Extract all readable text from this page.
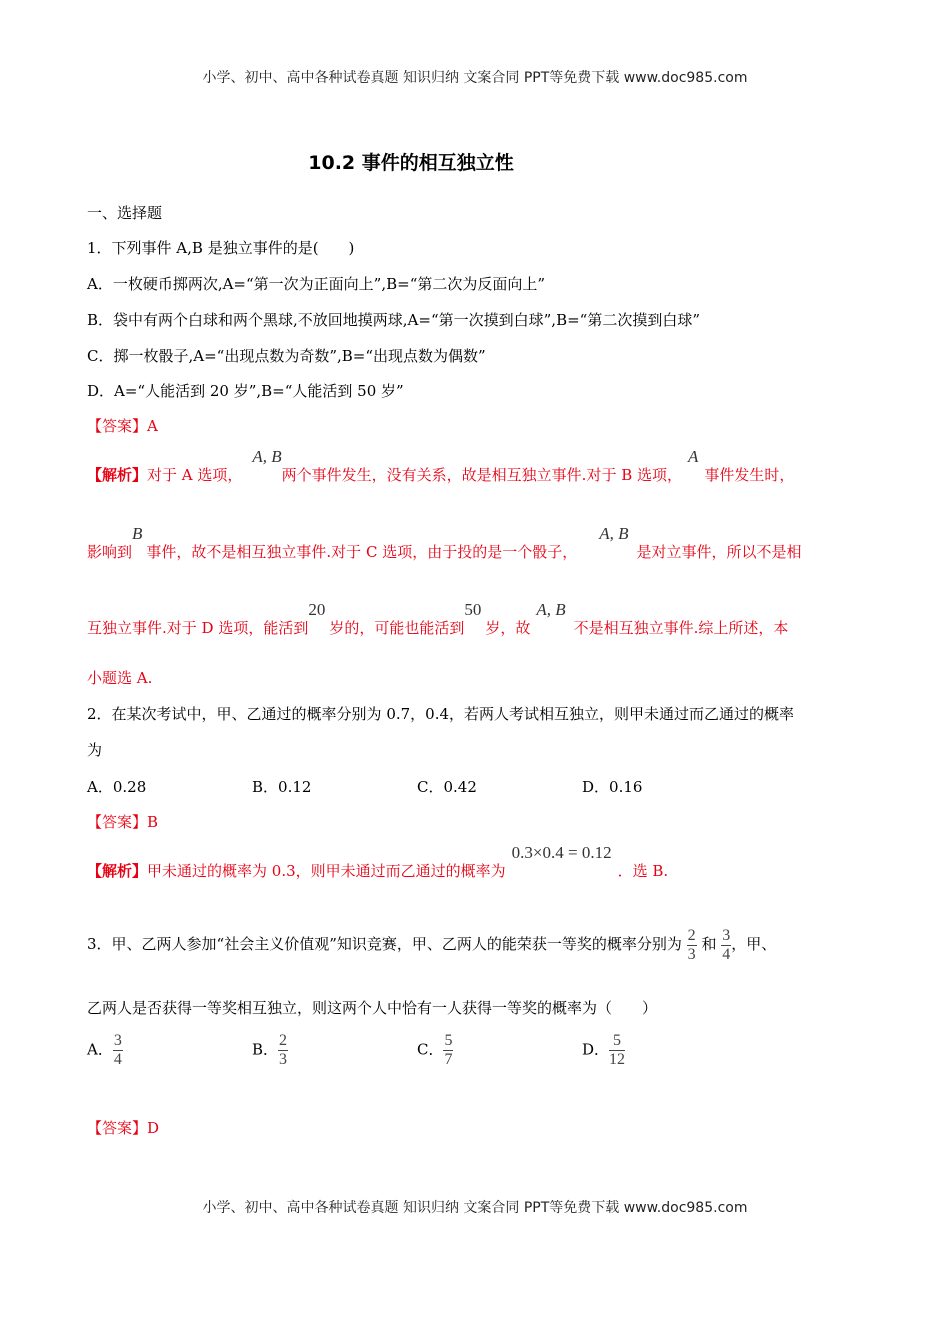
小学、初中、高中各种试卷真题 知识归纳 文案合同 PPT等免费下载 www.doc985.com
10.2 事件的相互独立性
一、选择题
1．下列事件 A,B 是独立事件的是(　　)
A．一枚硬币掷两次,A=“第一次为正面向上”,B=“第二次为反面向上”
B．袋中有两个白球和两个黑球,不放回地摸两球,A=“第一次摸到白球”,B=“第二次摸到白球”
C．掷一枚骰子,A=“出现点数为奇数”,B=“出现点数为偶数”
D．A=“人能活到 20 岁”,B=“人能活到 50 岁”
【答案】A
【解析】对于 A 选项，A, B两个事件发生，没有关系，故是相互独立事件.对于 B 选项，A事件发生时，
影响到B事件，故不是相互独立事件.对于 C 选项，由于投的是一个骰子，A, B是对立事件，所以不是相
互独立事件.对于 D 选项，能活到20岁的，可能也能活到50岁，故A, B不是相互独立事件.综上所述，本
小题选 A.
2．在某次考试中，甲、乙通过的概率分别为 0.7，0.4，若两人考试相互独立，则甲未通过而乙通过的概率
为
A．0.28	B．0.12	C．0.42	D．0.16
【答案】B
【解析】甲未通过的概率为 0.3，则甲未通过而乙通过的概率为0.3×0.4 = 0.12．选 B.
3．甲、乙两人参加“社会主义价值观”知识竞赛，甲、乙两人的能荣获一等奖的概率分别为 $\frac{2}{3}$ 和 $\frac{3}{4}$ ，甲、
乙两人是否获得一等奖相互独立，则这两个人中恰有一人获得一等奖的概率为（　　）
A． $\frac{3}{4}$	B． $\frac{2}{3}$	C． $\frac{5}{7}$	D． $\frac{5}{12}$
【答案】D
小学、初中、高中各种试卷真题 知识归纳 文案合同 PPT等免费下载 www.doc985.com
